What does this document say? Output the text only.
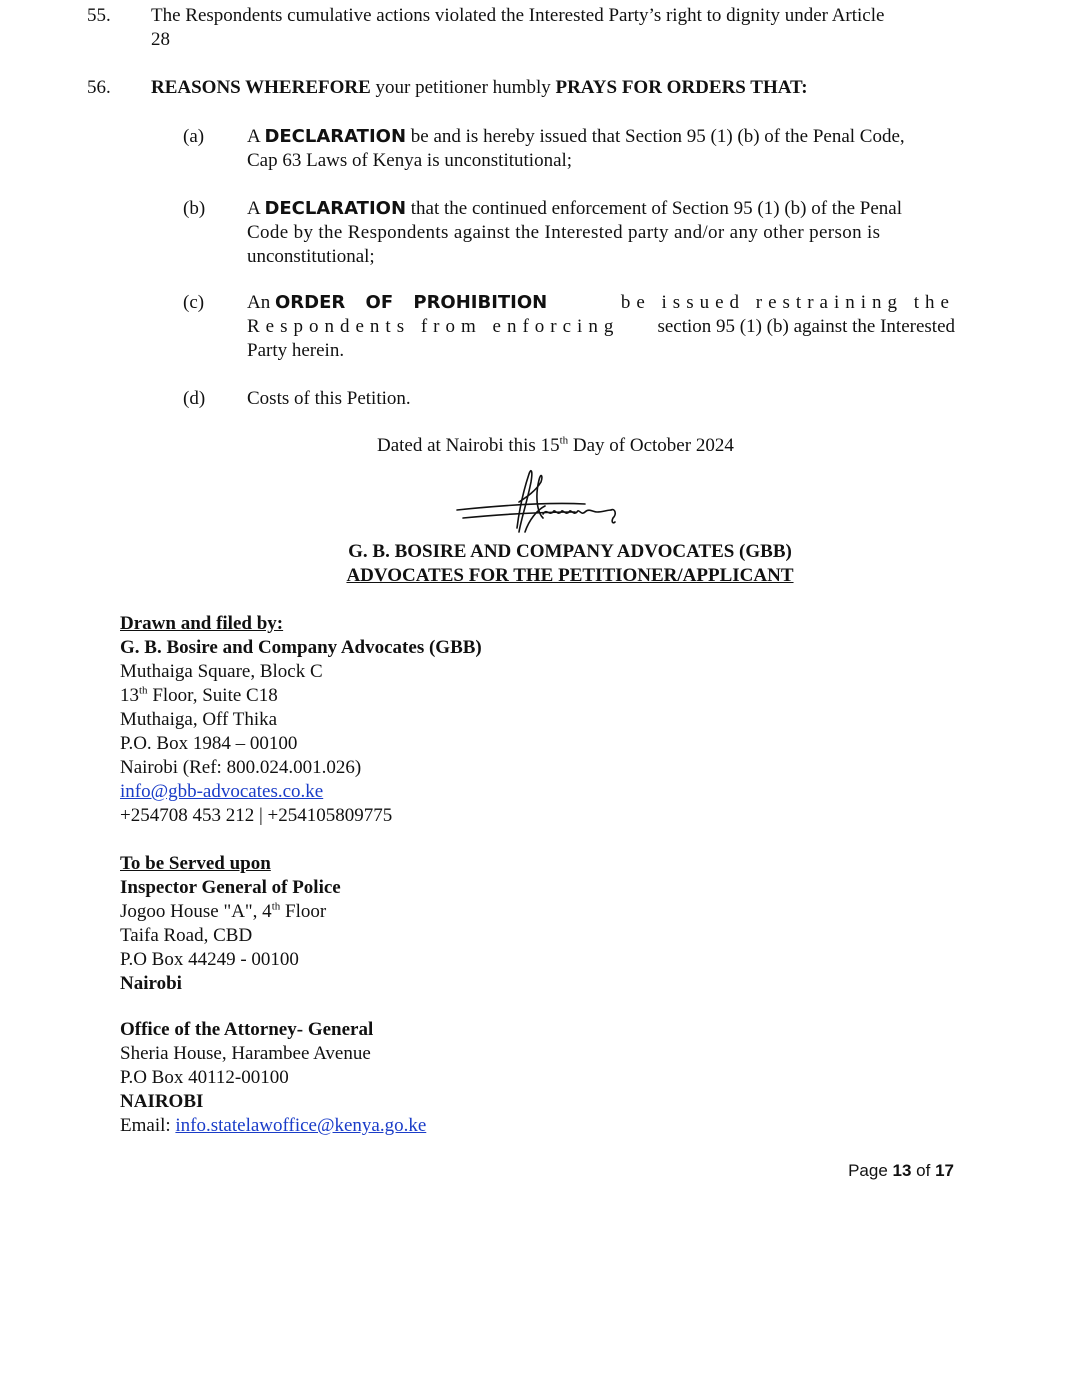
55. The Respondents cumulative actions violated the Interested Party’s right to dignity under Article
28
56. REASONS WHEREFORE your petitioner humbly PRAYS FOR ORDERS THAT:
(a) A DECLARATION be and is hereby issued that Section 95 (1) (b) of the Penal Code,
Cap 63 Laws of Kenya is unconstitutional;
(b) A DECLARATION that the continued enforcement of Section 95 (1) (b) of the Penal
Code by the Respondents against the Interested party and/or any other person is
unconstitutional;
(c) An ORDER OF PROHIBITION	be issued restraining the
Respondents from enforcing section 95 (1) (b) against the Interested
Party herein.
(d) Costs of this Petition.
Dated at Nairobi this 15th Day of October 2024
G. B. BOSIRE AND COMPANY ADVOCATES (GBB)
ADVOCATES FOR THE PETITIONER/APPLICANT
Drawn and filed by:
G. B. Bosire and Company Advocates (GBB)
Muthaiga Square, Block C
13th Floor, Suite C18
Muthaiga, Off Thika
P.O. Box 1984 – 00100
Nairobi (Ref: 800.024.001.026)
info@gbb-advocates.co.ke
+254708 453 212 | +254105809775
To be Served upon
Inspector General of Police
Jogoo House "A", 4th Floor
Taifa Road, CBD
P.O Box 44249 - 00100
Nairobi
Office of the Attorney- General
Sheria House, Harambee Avenue
P.O Box 40112-00100
NAIROBI
Email: info.statelawoffice@kenya.go.ke
Page 13 of 17
